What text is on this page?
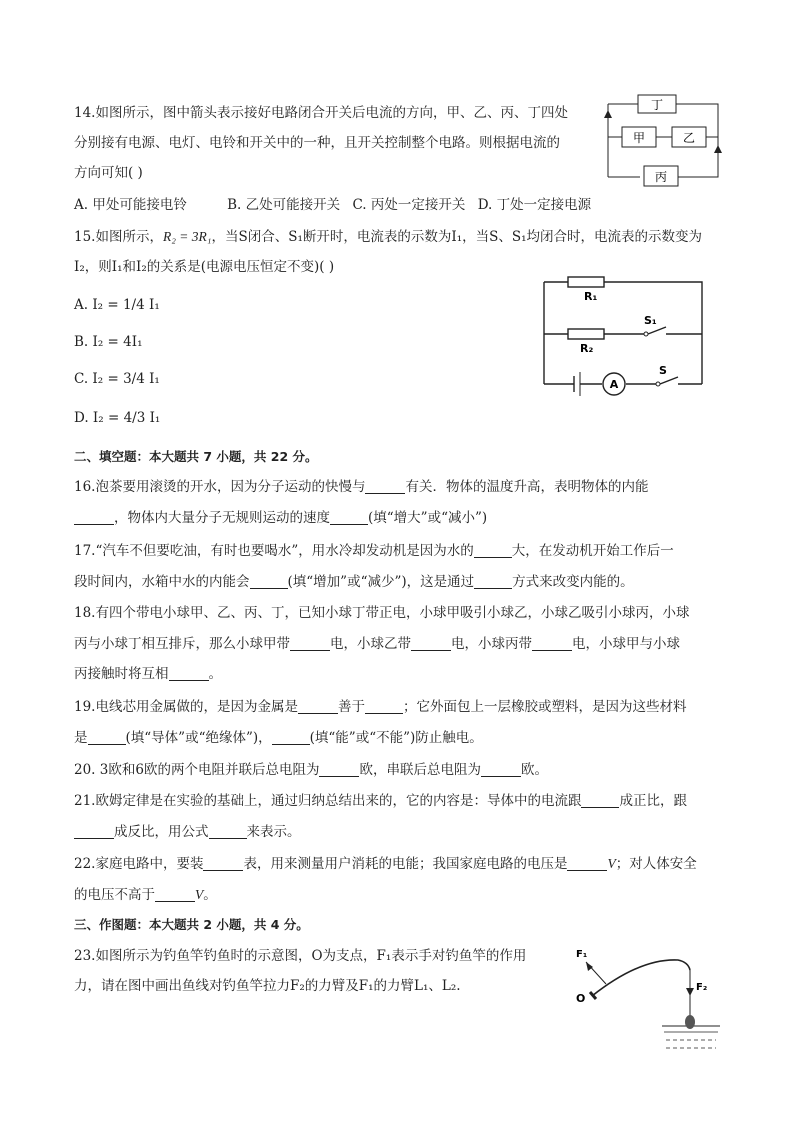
14.如图所示，图中箭头表示接好电路闭合开关后电流的方向，甲、乙、丙、丁四处
分别接有电源、电灯、电铃和开关中的一种，且开关控制整个电路。则根据电流的
方向可知( )
A. 甲处可能接电铃	B. 乙处可能接开关 C. 丙处一定接开关 D. 丁处一定接电源
丁
甲	乙
丙
15.如图所示，R₂ = 3R₁，当S闭合、S₁断开时，电流表的示数为I₁，当S、S₁均闭合时，电流表的示数变为
I₂，则I₁和I₂的关系是(电源电压恒定不变)( )
A. I₂ = 1/4 I₁
B. I₂ = 4I₁
C. I₂ = 3/4 I₁
D. I₂ = 4/3 I₁
R₁
R₂
S₁
S
A
二、填空题：本大题共 7 小题，共 22 分。
16.泡茶要用滚烫的开水，因为分子运动的快慢与	有关．物体的温度升高，表明物体的内能
，物体内大量分子无规则运动的速度	(填“增大”或“减小”)
17.“汽车不但要吃油，有时也要喝水”，用水冷却发动机是因为水的	大，在发动机开始工作后一
段时间内，水箱中水的内能会	(填“增加”或“减少”)，这是通过	方式来改变内能的。
18.有四个带电小球甲、乙、丙、丁，已知小球丁带正电，小球甲吸引小球乙，小球乙吸引小球丙，小球
丙与小球丁相互排斥，那么小球甲带	电，小球乙带	电，小球丙带	电，小球甲与小球
丙接触时将互相	。
19.电线芯用金属做的，是因为金属是	善于	；它外面包上一层橡胶或塑料，是因为这些材料
是	(填“导体”或“绝缘体”)，	(填“能”或“不能”)防止触电。
20. 3欧和6欧的两个电阻并联后总电阻为	欧，串联后总电阻为	欧。
21.欧姆定律是在实验的基础上，通过归纳总结出来的，它的内容是：导体中的电流跟	成正比，跟
成反比，用公式	来表示。
22.家庭电路中，要装	表，用来测量用户消耗的电能；我国家庭电路的电压是	V；对人体安全
的电压不高于	V。
三、作图题：本大题共 2 小题，共 4 分。
23.如图所示为钓鱼竿钓鱼时的示意图，O为支点，F₁表示手对钓鱼竿的作用
力，请在图中画出鱼线对钓鱼竿拉力F₂的力臂及F₁的力臂L₁、L₂.
F₁
F₂
O
